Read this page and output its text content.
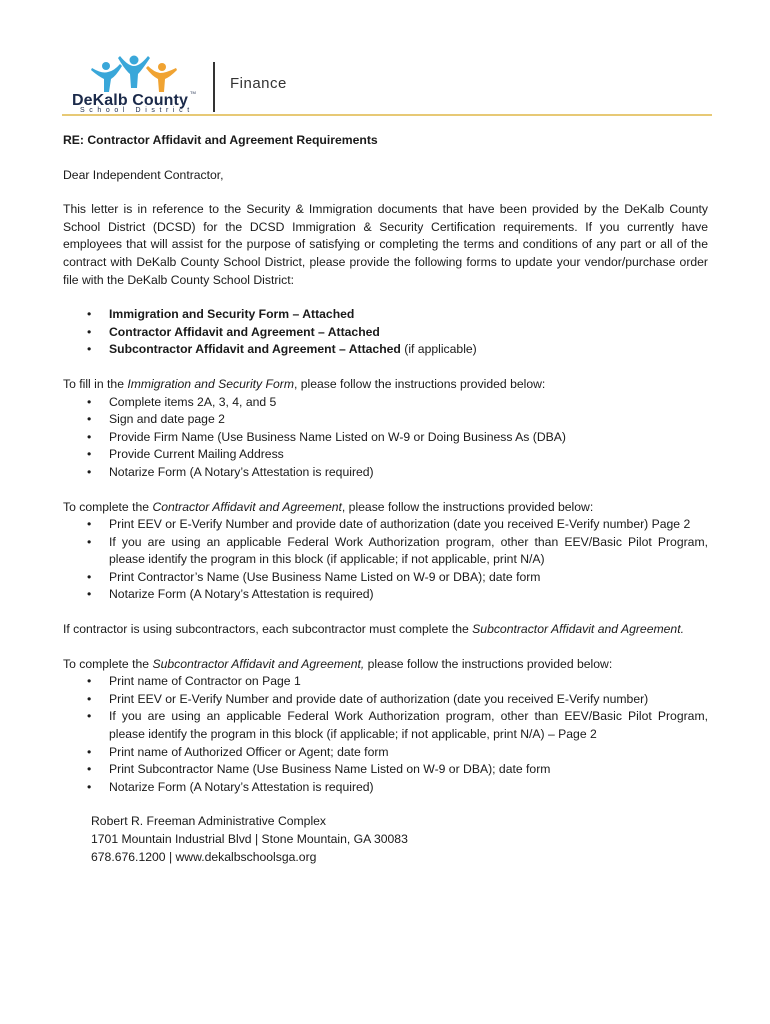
TM
DeKalb County
School District
Finance

RE: Contractor Affidavit and Agreement Requirements

Dear Independent Contractor,

This letter is in reference to the Security & Immigration documents that have been provided by the DeKalb County School District (DCSD) for the DCSD Immigration & Security Certification requirements. If you currently have employees that will assist for the purpose of satisfying or completing the terms and conditions of any part or all of the contract with DeKalb County School District, please provide the following forms to update your vendor/purchase order file with the DeKalb County School District:

• Immigration and Security Form – Attached
• Contractor Affidavit and Agreement – Attached
• Subcontractor Affidavit and Agreement – Attached (if applicable)

To fill in the Immigration and Security Form, please follow the instructions provided below:

• Complete items 2A, 3, 4, and 5
• Sign and date page 2
• Provide Firm Name (Use Business Name Listed on W-9 or Doing Business As (DBA)
• Provide Current Mailing Address
• Notarize Form (A Notary’s Attestation is required)

To complete the Contractor Affidavit and Agreement, please follow the instructions provided below:

• Print EEV or E-Verify Number and provide date of authorization (date you received E-Verify number) Page 2
• If you are using an applicable Federal Work Authorization program, other than EEV/Basic Pilot Program, please identify the program in this block (if applicable; if not applicable, print N/A)
• Print Contractor’s Name (Use Business Name Listed on W-9 or DBA); date form
• Notarize Form (A Notary’s Attestation is required)

If contractor is using subcontractors, each subcontractor must complete the Subcontractor Affidavit and Agreement.

To complete the Subcontractor Affidavit and Agreement, please follow the instructions provided below:

• Print name of Contractor on Page 1
• Print EEV or E-Verify Number and provide date of authorization (date you received E-Verify number)
• If you are using an applicable Federal Work Authorization program, other than EEV/Basic Pilot Program, please identify the program in this block (if applicable; if not applicable, print N/A) – Page 2
• Print name of Authorized Officer or Agent; date form
• Print Subcontractor Name (Use Business Name Listed on W-9 or DBA); date form
• Notarize Form (A Notary’s Attestation is required)

Robert R. Freeman Administrative Complex

1701 Mountain Industrial Blvd | Stone Mountain, GA 30083

678.676.1200 | www.dekalbschoolsga.org
